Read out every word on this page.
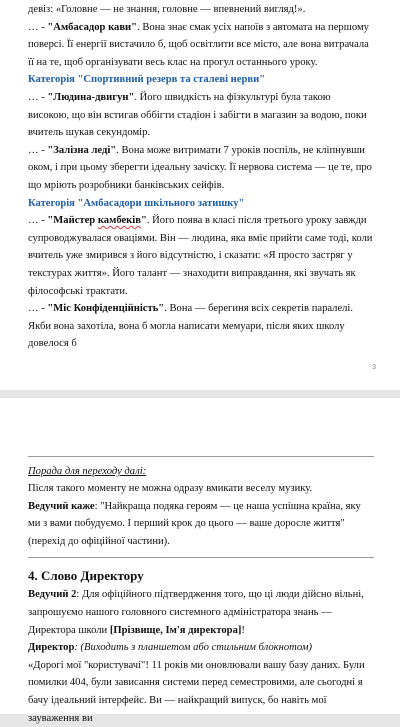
девіз: «Головне — не знання, головне — впевнений вигляд!».

… - "Амбасадор кави". Вона знає смак усіх напоїв з автомата на першому поверсі. Її енергії вистачило б, щоб освітлити все місто, але вона витрачала її на те, щоб організувати весь клас на прогул останнього уроку.

Категорія "Спортивний резерв та сталеві нерви"

… - "Людина-двигун". Його швидкість на фізкультурі була такою високою, що він встигав оббігти стадіон і забігти в магазин за водою, поки вчитель шукав секундомір.

… - "Залізна леді". Вона може витримати 7 уроків поспіль, не кліпнувши оком, і при цьому зберегти ідеальну зачіску. Її нервова система — це те, про що мріють розробники банківських сейфів.

Категорія "Амбасадори шкільного затишку"

… - "Майстер камбеків". Його поява в класі після третього уроку завжди супроводжувалася оваціями. Він — людина, яка вміє прийти саме тоді, коли вчитель уже змирився з його відсутністю, і сказати: «Я просто застряг у текстурах життя». Його талант — знаходити виправдання, які звучать як філософські трактати.

… - "Міс Конфіденційність". Вона — берегиня всіх секретів паралелі. Якби вона захотіла, вона б могла написати мемуари, після яких школу довелося б

3

Порада для переходу далі:

Після такого моменту не можна одразу вмикати веселу музику.

Ведучий каже: "Найкраща подяка героям — це наша успішна країна, яку ми з вами побудуємо. І перший крок до цього — ваше доросле життя" (перехід до офіційної частини).

4. Слово Директору

Ведучий 2: Для офіційного підтвердження того, що ці люди дійсно вільні, запрошуємо нашого головного системного адміністратора знань — Директора школи [Прізвище, Ім'я директора]!

Директор: (Виходить з планшетом або стильним блокнотом)

«Дорогі мої "користувачі"! 11 років ми оновлювали вашу базу даних. Були помилки 404, були зависання системи перед семестровими, але сьогодні я бачу ідеальний інтерфейс. Ви — найкращий випуск, бо навіть мої зауваження ви
